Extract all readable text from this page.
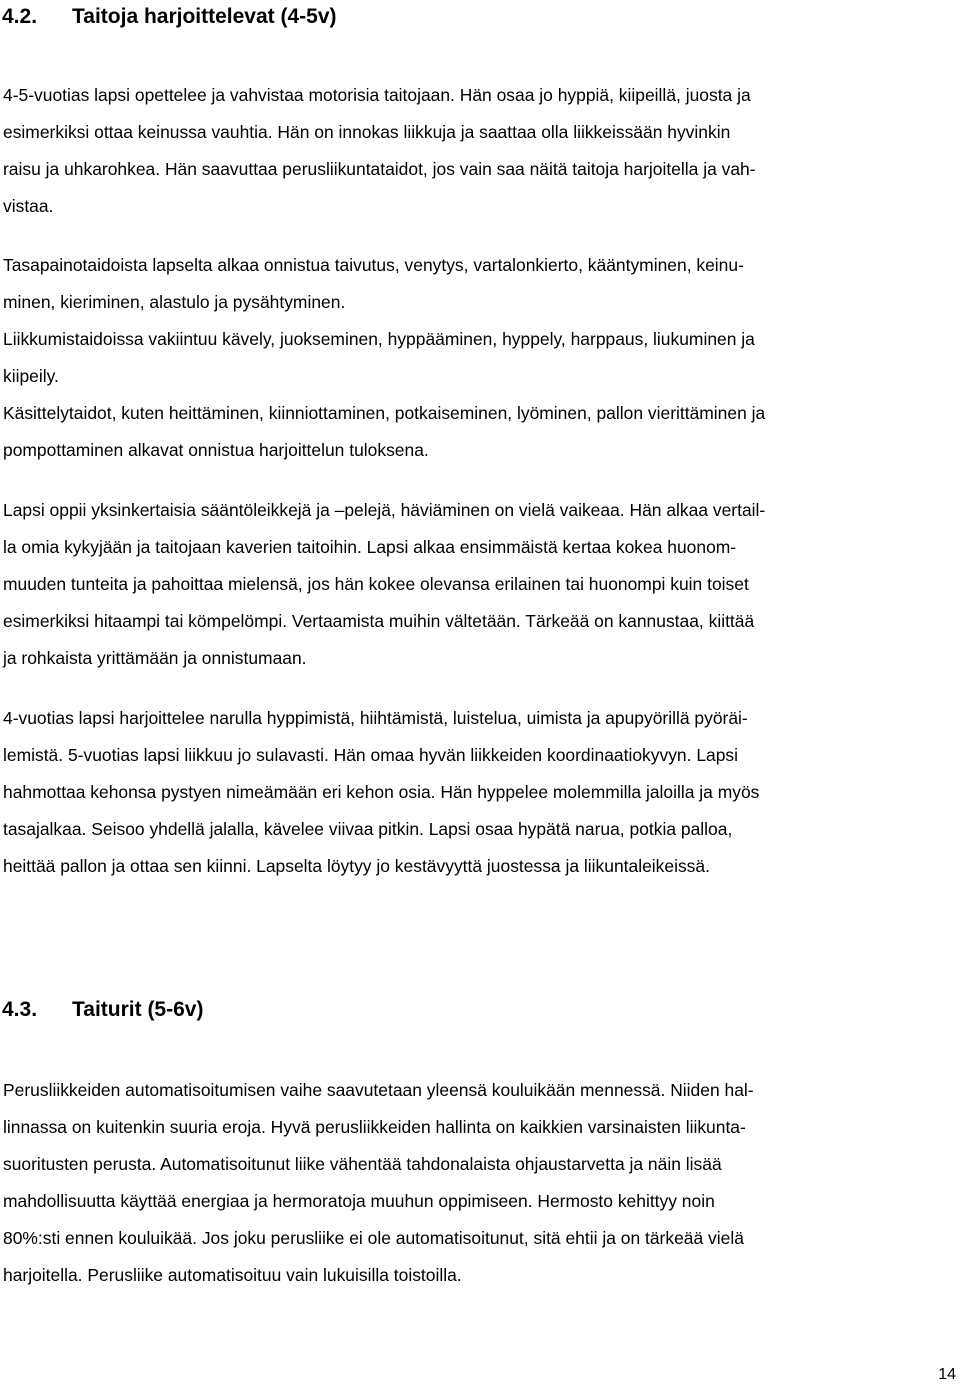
4.2. Taitoja harjoittelevat (4-5v)
4-5-vuotias lapsi opettelee ja vahvistaa motorisia taitojaan. Hän osaa jo hyppiä, kiipeillä, juosta ja
esimerkiksi ottaa keinussa vauhtia. Hän on innokas liikkuja ja saattaa olla liikkeissään hyvinkin
raisu ja uhkarohkea. Hän saavuttaa perusliikuntataidot, jos vain saa näitä taitoja harjoitella ja vah-
vistaa.
Tasapainotaidoista lapselta alkaa onnistua taivutus, venytys, vartalonkierto, kääntyminen, keinu-
minen, kieriminen, alastulo ja pysähtyminen.
Liikkumistaidoissa vakiintuu kävely, juokseminen, hyppääminen, hyppely, harppaus, liukuminen ja
kiipeily.
Käsittelytaidot, kuten heittäminen, kiinniottaminen, potkaiseminen, lyöminen, pallon vierittäminen ja
pompottaminen alkavat onnistua harjoittelun tuloksena.
Lapsi oppii yksinkertaisia sääntöleikkejä ja –pelejä, häviäminen on vielä vaikeaa. Hän alkaa vertail-
la omia kykyjään ja taitojaan kaverien taitoihin. Lapsi alkaa ensimmäistä kertaa kokea huonom-
muuden tunteita ja pahoittaa mielensä, jos hän kokee olevansa erilainen tai huonompi kuin toiset
esimerkiksi hitaampi tai kömpelömpi. Vertaamista muihin vältetään. Tärkeää on kannustaa, kiittää
ja rohkaista yrittämään ja onnistumaan.
4-vuotias lapsi harjoittelee narulla hyppimistä, hiihtämistä, luistelua, uimista ja apupyörillä pyöräi-
lemistä. 5-vuotias lapsi liikkuu jo sulavasti. Hän omaa hyvän liikkeiden koordinaatiokyvyn. Lapsi
hahmottaa kehonsa pystyen nimeämään eri kehon osia. Hän hyppelee molemmilla jaloilla ja myös
tasajalkaa. Seisoo yhdellä jalalla, kävelee viivaa pitkin. Lapsi osaa hypätä narua, potkia palloa,
heittää pallon ja ottaa sen kiinni. Lapselta löytyy jo kestävyyttä juostessa ja liikuntaleikeissä.
4.3. Taiturit (5-6v)
Perusliikkeiden automatisoitumisen vaihe saavutetaan yleensä kouluikään mennessä. Niiden hal-
linnassa on kuitenkin suuria eroja. Hyvä perusliikkeiden hallinta on kaikkien varsinaisten liikunta-
suoritusten perusta. Automatisoitunut liike vähentää tahdonalaista ohjaustarvetta ja näin lisää
mahdollisuutta käyttää energiaa ja hermoratoja muuhun oppimiseen. Hermosto kehittyy noin
80%:sti ennen kouluikää. Jos joku perusliike ei ole automatisoitunut, sitä ehtii ja on tärkeää vielä
harjoitella. Perusliike automatisoituu vain lukuisilla toistoilla.
14
